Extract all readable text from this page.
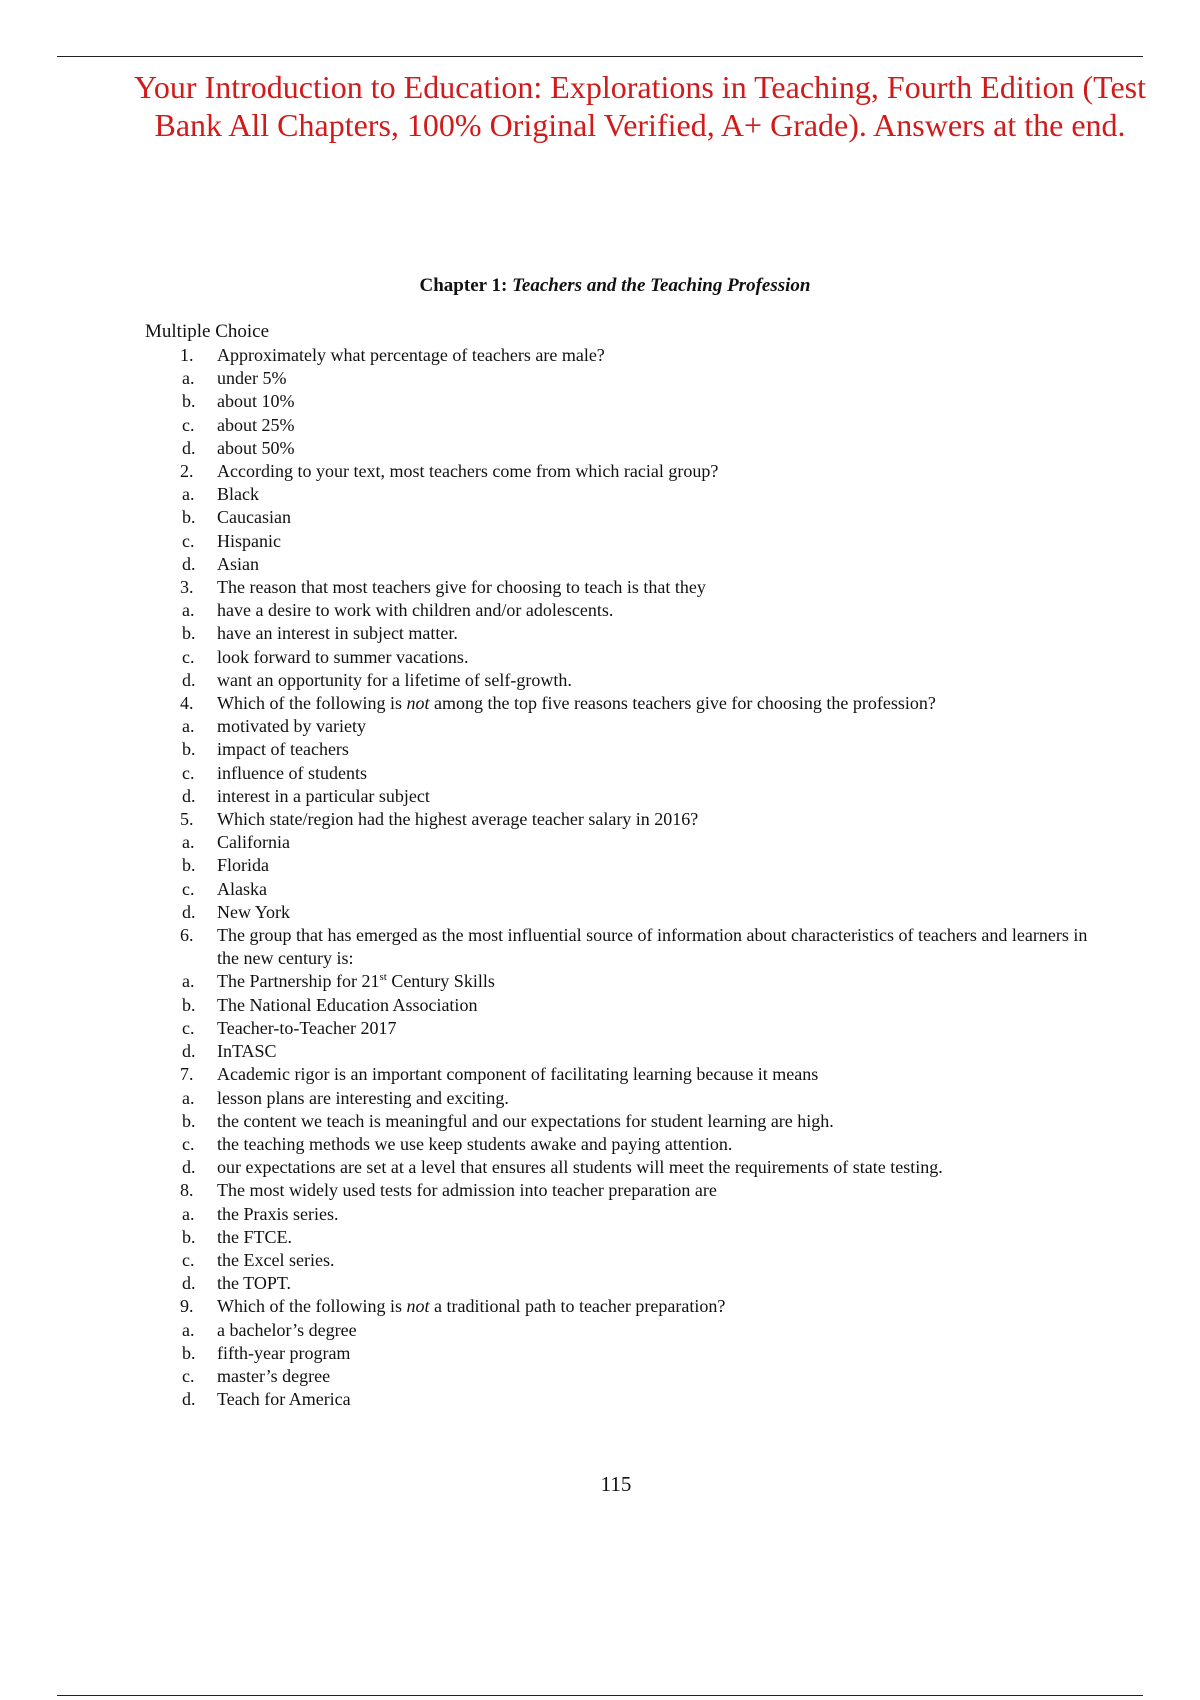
Your Introduction to Education: Explorations in Teaching, Fourth Edition (Test Bank All Chapters, 100% Original Verified, A+ Grade). Answers at the end.
Chapter 1: Teachers and the Teaching Profession
Multiple Choice
1. Approximately what percentage of teachers are male?
a. under 5%
b. about 10%
c. about 25%
d. about 50%
2. According to your text, most teachers come from which racial group?
a. Black
b. Caucasian
c. Hispanic
d. Asian
3. The reason that most teachers give for choosing to teach is that they
a. have a desire to work with children and/or adolescents.
b. have an interest in subject matter.
c. look forward to summer vacations.
d. want an opportunity for a lifetime of self-growth.
4. Which of the following is not among the top five reasons teachers give for choosing the profession?
a. motivated by variety
b. impact of teachers
c. influence of students
d. interest in a particular subject
5. Which state/region had the highest average teacher salary in 2016?
a. California
b. Florida
c. Alaska
d. New York
6. The group that has emerged as the most influential source of information about characteristics of teachers and learners in the new century is:
a. The Partnership for 21st Century Skills
b. The National Education Association
c. Teacher-to-Teacher 2017
d. InTASC
7. Academic rigor is an important component of facilitating learning because it means
a. lesson plans are interesting and exciting.
b. the content we teach is meaningful and our expectations for student learning are high.
c. the teaching methods we use keep students awake and paying attention.
d. our expectations are set at a level that ensures all students will meet the requirements of state testing.
8. The most widely used tests for admission into teacher preparation are
a. the Praxis series.
b. the FTCE.
c. the Excel series.
d. the TOPT.
9. Which of the following is not a traditional path to teacher preparation?
a. a bachelor’s degree
b. fifth-year program
c. master’s degree
d. Teach for America
115
